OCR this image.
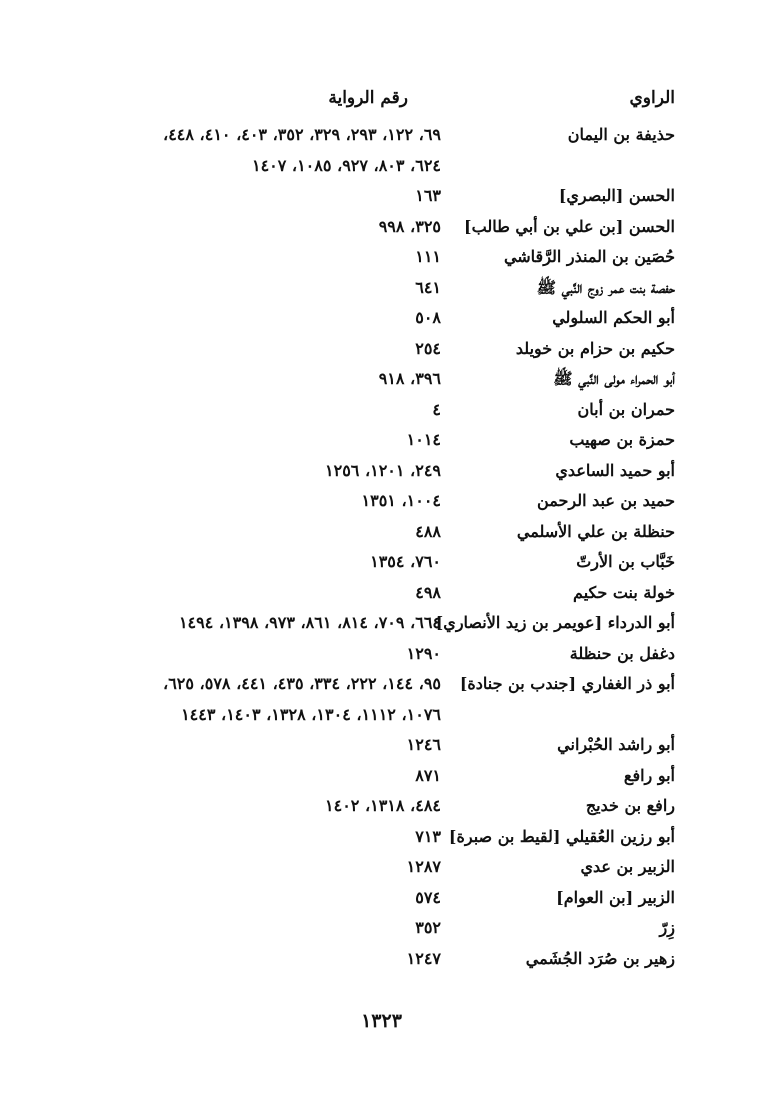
الراوي
رقم الرواية
حذيفة بن اليمان
٦٩، ١٢٢، ٢٩٣، ٣٢٩، ٣٥٢، ٤٠٣، ٤١٠، ٤٤٨،
٦٢٤، ٨٠٣، ٩٢٧، ١٠٨٥، ١٤٠٧
الحسن [البصري]
١٦٣
الحسن [بن علي بن أبي طالب]
٣٢٥، ٩٩٨
حُصَين بن المنذر الرَّقاشي
١١١
حفصة بنت عمر زوج النَّبي ﷺ
٦٤١
أبو الحكم السلولي
٥٠٨
حكيم بن حزام بن خويلد
٢٥٤
أبو الحمراء مولى النَّبي ﷺ
٣٩٦، ٩١٨
حمران بن أبان
٤
حمزة بن صهيب
١٠١٤
أبو حميد الساعدي
٢٤٩، ١٢٠١، ١٢٥٦
حميد بن عبد الرحمن
١٠٠٤، ١٣٥١
حنظلة بن علي الأسلمي
٤٨٨
خَبَّاب بن الأرتّ
٧٦٠، ١٣٥٤
خولة بنت حكيم
٤٩٨
أبو الدرداء [عويمر بن زيد الأنصاري]
٦٦٤، ٧٠٩، ٨١٤، ٨٦١، ٩٧٣، ١٣٩٨، ١٤٩٤
دغفل بن حنظلة
١٢٩٠
أبو ذر الغفاري [جندب بن جنادة]
٩٥، ١٤٤، ٢٢٢، ٣٣٤، ٤٣٥، ٤٤١، ٥٧٨، ٦٢٥،
١٠٧٦، ١١١٢، ١٣٠٤، ١٣٢٨، ١٤٠٣، ١٤٤٣
أبو راشد الحُبْراني
١٢٤٦
أبو رافع
٨٧١
رافع بن خديج
٤٨٤، ١٣١٨، ١٤٠٢
أبو رزين العُقيلي [لقيط بن صبرة]
٧١٣
الزبير بن عدي
١٢٨٧
الزبير [بن العوام]
٥٧٤
زِرّ
٣٥٢
زهير بن صُرَد الجُشَمي
١٢٤٧
١٣٢٣
